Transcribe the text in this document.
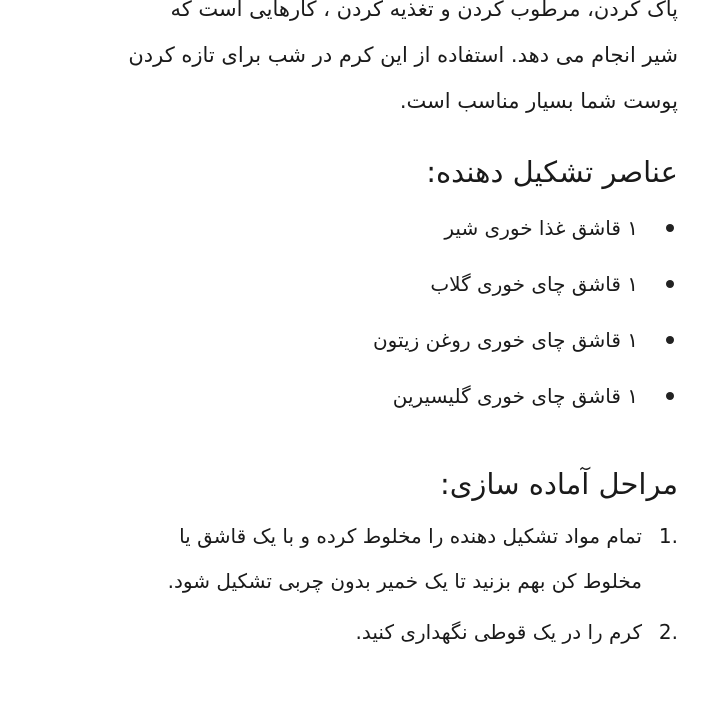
پاک کردن، مرطوب کردن و تغذیه کردن ، کارهایی است که
شیر انجام می دهد. استفاده از این کرم در شب برای تازه کردن
پوست شما بسیار مناسب است.

عناصر تشکیل دهنده:
۱ قاشق غذا خوری شیر
۱ قاشق چای خوری گلاب
۱ قاشق چای خوری روغن زیتون
۱ قاشق چای خوری گلیسیرین
مراحل آماده سازی:
1.
تمام مواد تشکیل دهنده را مخلوط کرده و با یک قاشق یا
مخلوط کن بهم بزنید تا یک خمیر بدون چربی تشکیل شود.
2.
کرم را در یک قوطی نگهداری کنید.
